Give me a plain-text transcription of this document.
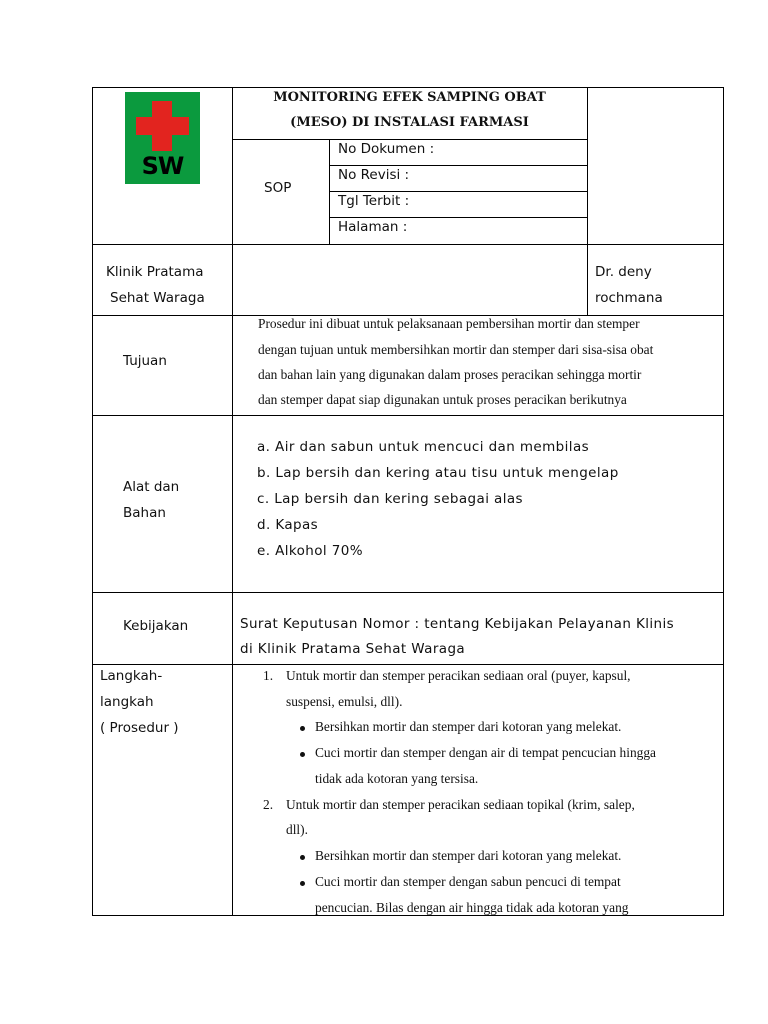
SW
MONITORING EFEK SAMPING OBAT
(MESO) DI INSTALASI FARMASI
SOP
No Dokumen :
No Revisi :
Tgl Terbit :
Halaman :
Klinik Pratama
Sehat Waraga
Dr. deny
rochmana
Tujuan
Prosedur ini dibuat untuk pelaksanaan pembersihan mortir dan stemper
dengan tujuan untuk membersihkan mortir dan stemper dari sisa-sisa obat
dan bahan lain yang digunakan dalam proses peracikan sehingga mortir
dan stemper dapat siap digunakan untuk proses peracikan berikutnya
Alat dan
Bahan
a. Air dan sabun untuk mencuci dan membilas
b. Lap bersih dan kering atau tisu untuk mengelap
c. Lap bersih dan kering sebagai alas
d. Kapas
e. Alkohol 70%
Kebijakan	Surat Keputusan Nomor : tentang Kebijakan Pelayanan Klinis
di Klinik Pratama Sehat Waraga
Langkah-
langkah
( Prosedur )
1. Untuk mortir dan stemper peracikan sediaan oral (puyer, kapsul,
suspensi, emulsi, dll).
Bersihkan mortir dan stemper dari kotoran yang melekat.
Cuci mortir dan stemper dengan air di tempat pencucian hingga
tidak ada kotoran yang tersisa.
2. Untuk mortir dan stemper peracikan sediaan topikal (krim, salep,
dll).
Bersihkan mortir dan stemper dari kotoran yang melekat.
Cuci mortir dan stemper dengan sabun pencuci di tempat
pencucian. Bilas dengan air hingga tidak ada kotoran yang
